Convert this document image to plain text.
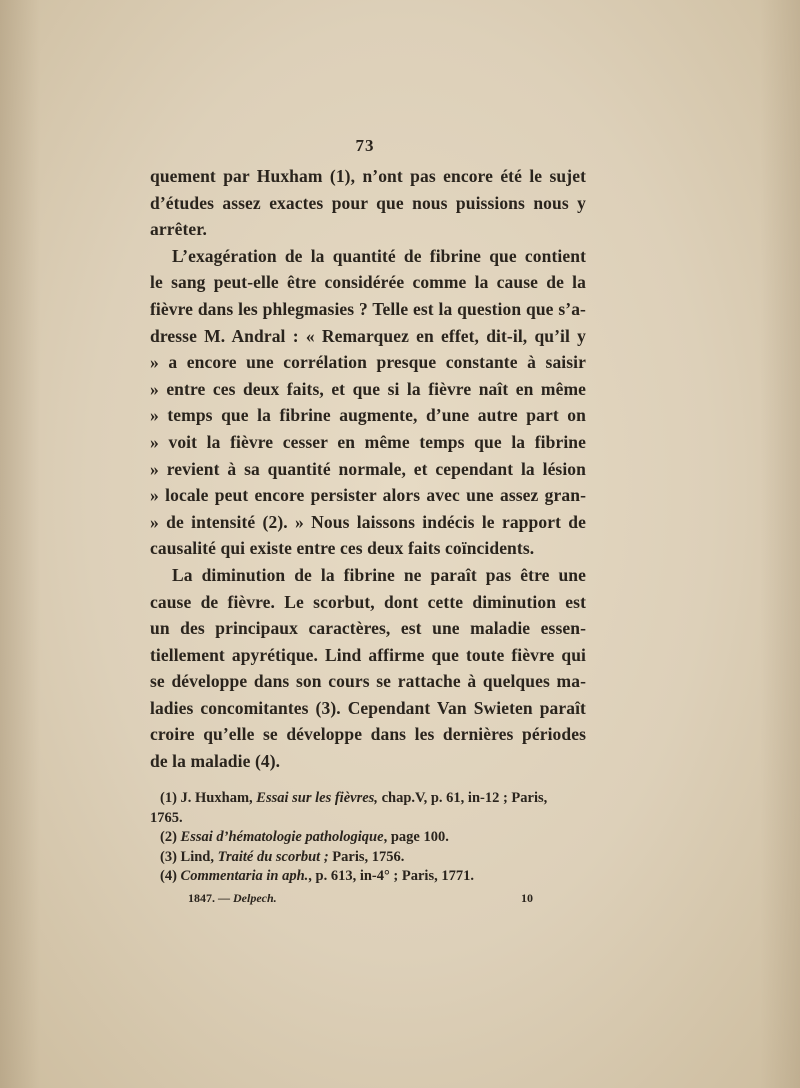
73
quement par Huxham (1), n’ont pas encore été le sujet
d’études assez exactes pour que nous puissions nous y
arrêter.
L’exagération de la quantité de fibrine que contient
le sang peut-elle être considérée comme la cause de la
fièvre dans les phlegmasies ? Telle est la question que s’a-
dresse M. Andral : « Remarquez en effet, dit-il, qu’il y
» a encore une corrélation presque constante à saisir
» entre ces deux faits, et que si la fièvre naît en même
» temps que la fibrine augmente, d’une autre part on
» voit la fièvre cesser en même temps que la fibrine
» revient à sa quantité normale, et cependant la lésion
» locale peut encore persister alors avec une assez gran-
» de intensité (2). » Nous laissons indécis le rapport de
causalité qui existe entre ces deux faits coïncidents.
La diminution de la fibrine ne paraît pas être une
cause de fièvre. Le scorbut, dont cette diminution est
un des principaux caractères, est une maladie essen-
tiellement apyrétique. Lind affirme que toute fièvre qui
se développe dans son cours se rattache à quelques ma-
ladies concomitantes (3). Cependant Van Swieten paraît
croire qu’elle se développe dans les dernières périodes
de la maladie (4).
(1) J. Huxham, Essai sur les fièvres, chap.V, p. 61, in-12 ; Paris,
1765.
(2) Essai d’hématologie pathologique, page 100.
(3) Lind, Traité du scorbut ; Paris, 1756.
(4) Commentaria in aph., p. 613, in-4° ; Paris, 1771.
1847. — Delpech.	10
